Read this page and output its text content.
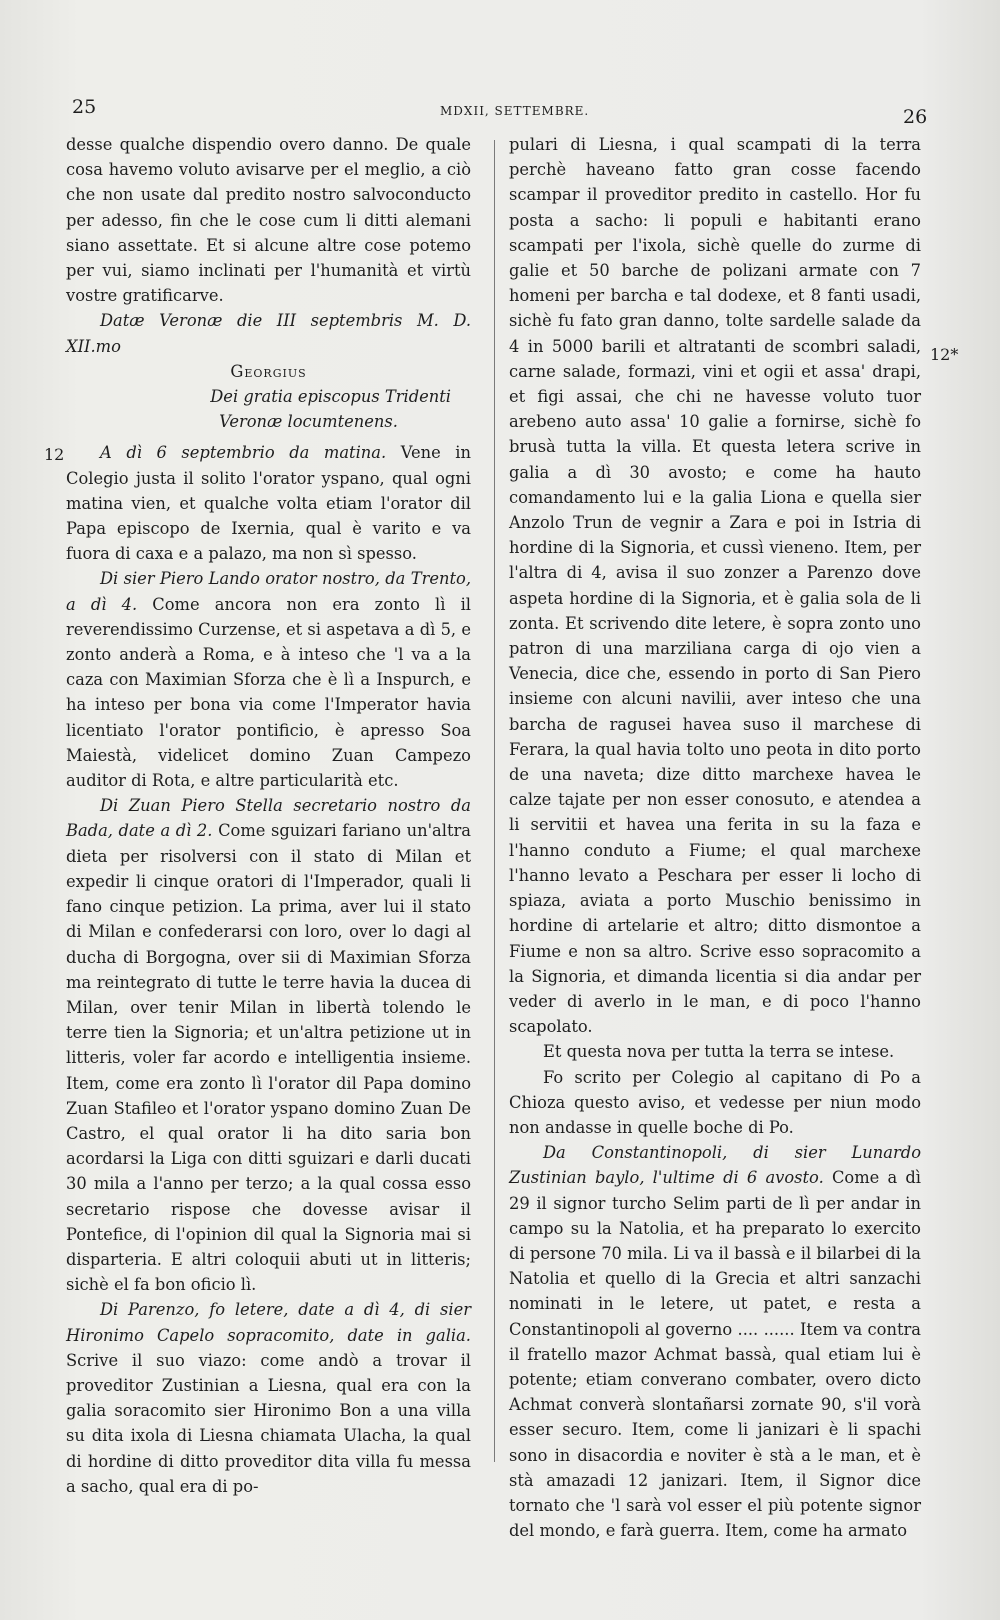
25	MDXII, SETTEMBRE.	26
12
12*

desse qualche dispendio overo danno. De quale cosa havemo voluto avisarve per el meglio, a ciò che non usate dal predito nostro salvoconducto per adesso, fin che le cose cum li ditti alemani siano assettate. Et si alcune altre cose potemo per vui, siamo inclinati per l'humanità et virtù vostre gratificarve.

Datæ Veronæ die III septembris M. D. XII.mo

Georgius

Dei gratia episcopus Tridenti

Veronæ locumtenens.

A dì 6 septembrio da matina. Vene in Colegio justa il solito l'orator yspano, qual ogni matina vien, et qualche volta etiam l'orator dil Papa episcopo de Ixernia, qual è varito e va fuora di caxa e a palazo, ma non sì spesso.

Di sier Piero Lando orator nostro, da Trento, a dì 4. Come ancora non era zonto lì il reverendissimo Curzense, et si aspetava a dì 5, e zonto anderà a Roma, e à inteso che 'l va a la caza con Maximian Sforza che è lì a Inspurch, e ha inteso per bona via come l'Imperator havia licentiato l'orator pontificio, è apresso Soa Maiestà, videlicet domino Zuan Campezo auditor di Rota, e altre particularità etc.

Di Zuan Piero Stella secretario nostro da Bada, date a dì 2. Come sguizari fariano un'altra dieta per risolversi con il stato di Milan et expedir li cinque oratori di l'Imperador, quali li fano cinque petizion. La prima, aver lui il stato di Milan e confederarsi con loro, over lo dagi al ducha di Borgogna, over sii di Maximian Sforza ma reintegrato di tutte le terre havia la ducea di Milan, over tenir Milan in libertà tolendo le terre tien la Signoria; et un'altra petizione ut in litteris, voler far acordo e intelligentia insieme. Item, come era zonto lì l'orator dil Papa domino Zuan Stafileo et l'orator yspano domino Zuan De Castro, el qual orator li ha dito saria bon acordarsi la Liga con ditti sguizari e darli ducati 30 mila a l'anno per terzo; a la qual cossa esso secretario rispose che dovesse avisar il Pontefice, di l'opinion dil qual la Signoria mai si disparteria. E altri coloquii abuti ut in litteris; sichè el fa bon oficio lì.

Di Parenzo, fo letere, date a dì 4, di sier Hironimo Capelo sopracomito, date in galia. Scrive il suo viazo: come andò a trovar il proveditor Zustinian a Liesna, qual era con la galia soracomito sier Hironimo Bon a una villa su dita ixola di Liesna chiamata Ulacha, la qual di hordine di ditto proveditor dita villa fu messa a sacho, qual era di po-

pulari di Liesna, i qual scampati di la terra perchè haveano fatto gran cosse facendo scampar il proveditor predito in castello. Hor fu posta a sacho: li populi e habitanti erano scampati per l'ixola, sichè quelle do zurme di galie et 50 barche de polizani armate con 7 homeni per barcha e tal dodexe, et 8 fanti usadi, sichè fu fato gran danno, tolte sardelle salade da 4 in 5000 barili et altratanti de scombri saladi, carne salade, formazi, vini et ogii et assa' drapi, et figi assai, che chi ne havesse voluto tuor arebeno auto assa' 10 galie a fornirse, sichè fo brusà tutta la villa. Et questa letera scrive in galia a dì 30 avosto; e come ha hauto comandamento lui e la galia Liona e quella sier Anzolo Trun de vegnir a Zara e poi in Istria di hordine di la Signoria, et cussì vieneno. Item, per l'altra di 4, avisa il suo zonzer a Parenzo dove aspeta hordine di la Signoria, et è galia sola de li zonta. Et scrivendo dite letere, è sopra zonto uno patron di una marziliana carga di ojo vien a Venecia, dice che, essendo in porto di San Piero insieme con alcuni navilii, aver inteso che una barcha de ragusei havea suso il marchese di Ferara, la qual havia tolto uno peota in dito porto de una naveta; dize ditto marchexe havea le calze tajate per non esser conosuto, e atendea a li servitii et havea una ferita in su la faza e l'hanno conduto a Fiume; el qual marchexe l'hanno levato a Peschara per esser li locho di spiaza, aviata a porto Muschio benissimo in hordine di artelarie et altro; ditto dismontoe a Fiume e non sa altro. Scrive esso sopracomito a la Signoria, et dimanda licentia si dia andar per veder di averlo in le man, e di poco l'hanno scapolato.

Et questa nova per tutta la terra se intese.

Fo scrito per Colegio al capitano di Po a Chioza questo aviso, et vedesse per niun modo non andasse in quelle boche di Po.

Da Constantinopoli, di sier Lunardo Zustinian baylo, l'ultime di 6 avosto. Come a dì 29 il signor turcho Selim parti de lì per andar in campo su la Natolia, et ha preparato lo exercito di persone 70 mila. Li va il bassà e il bilarbei di la Natolia et quello di la Grecia et altri sanzachi nominati in le letere, ut patet, e resta a Constantinopoli al governo .... ...... Item va contra il fratello mazor Achmat bassà, qual etiam lui è potente; etiam converano combater, overo dicto Achmat converà slontañarsi zornate 90, s'il vorà esser securo. Item, come li janizari è li spachi sono in disacordia e noviter è stà a le man, et è stà amazadi 12 janizari. Item, il Signor dice tornato che 'l sarà vol esser el più potente signor del mondo, e farà guerra. Item, come ha armato
